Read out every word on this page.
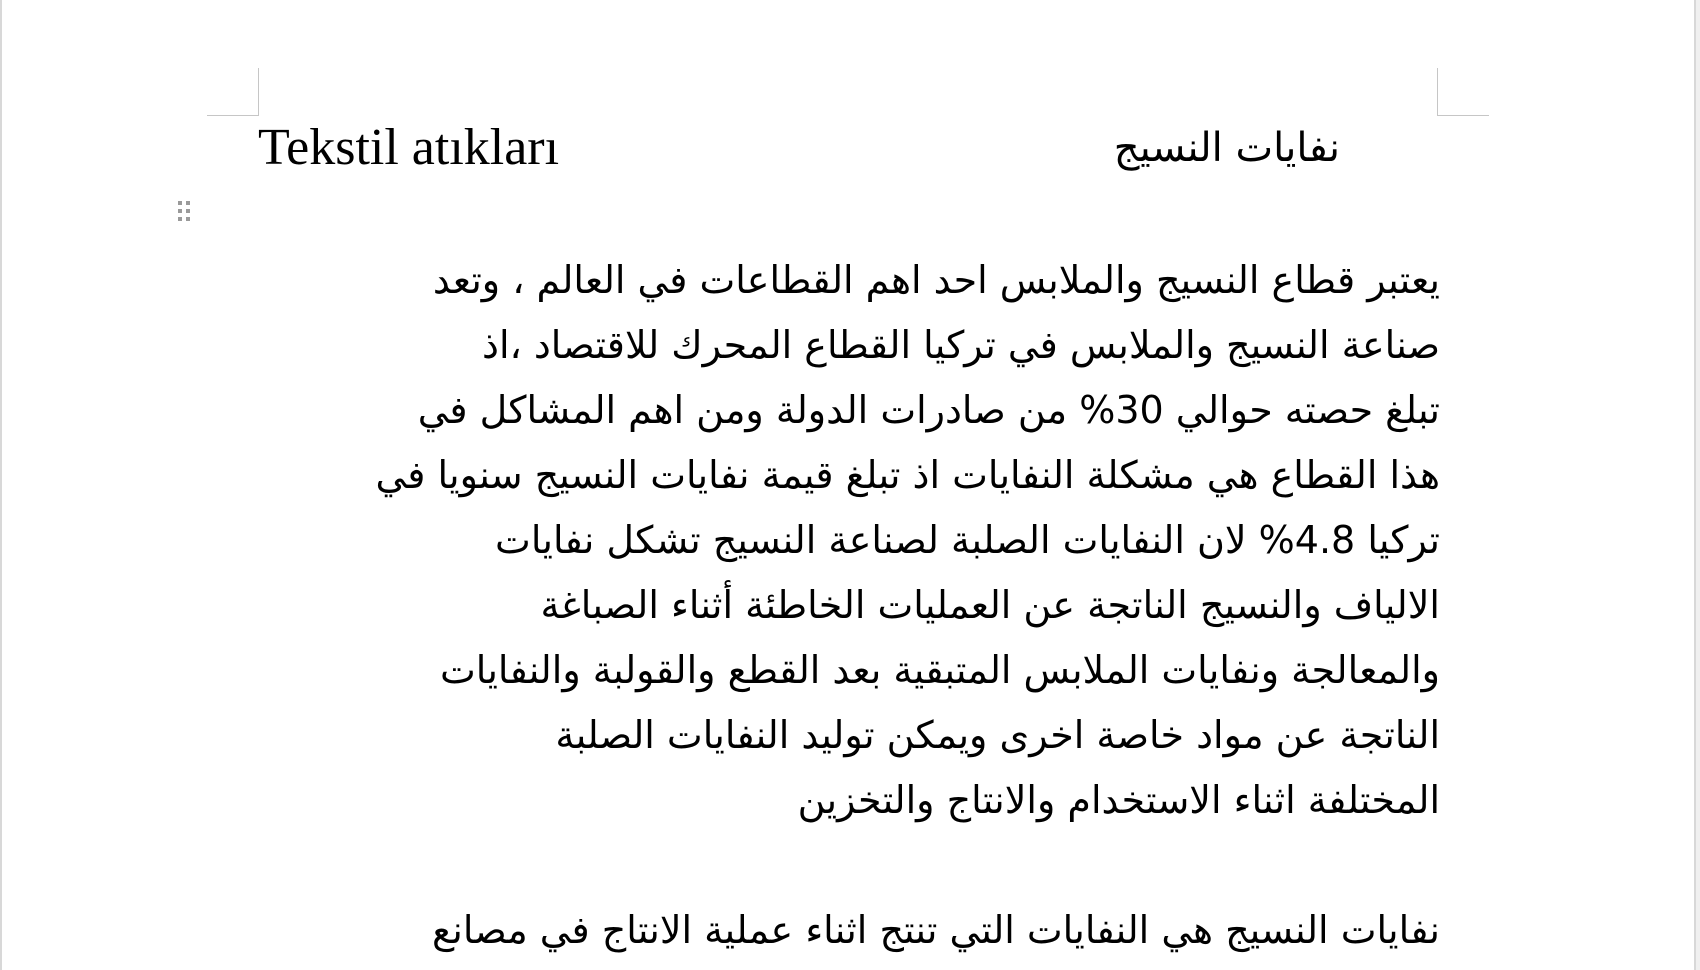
Tekstil atıkları	نفايات النسيج
يعتبر قطاع النسيج والملابس احد اهم القطاعات في العالم ، وتعد
صناعة النسيج والملابس في تركيا القطاع المحرك للاقتصاد ،اذ
تبلغ حصته حوالي 30% من صادرات الدولة ومن اهم المشاكل في
هذا القطاع هي مشكلة النفايات اذ تبلغ قيمة نفايات النسيج سنويا في
تركيا 4.8% لان النفايات الصلبة لصناعة النسيج تشكل نفايات
الالياف والنسيج الناتجة عن العمليات الخاطئة أثناء الصباغة
والمعالجة ونفايات الملابس المتبقية بعد القطع والقولبة والنفايات
الناتجة عن مواد خاصة اخرى ويمكن توليد النفايات الصلبة
المختلفة اثناء الاستخدام والانتاج والتخزين
نفايات النسيج هي النفايات التي تنتج اثناء عملية الانتاج في مصانع
